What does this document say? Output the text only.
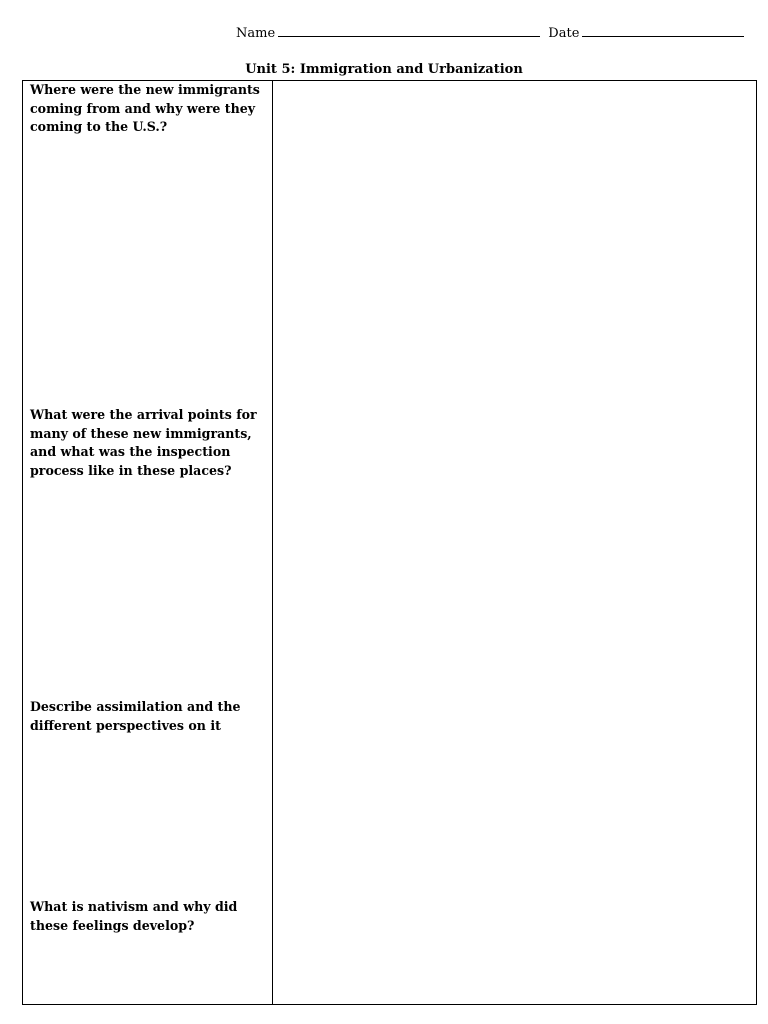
Name	Date
Unit 5: Immigration and Urbanization
Where were the new immigrants coming from and why were they coming to the U.S.?
What were the arrival points for many of these new immigrants, and what was the inspection process like in these places?
Describe assimilation and the different perspectives on it
What is nativism and why did these feelings develop?
